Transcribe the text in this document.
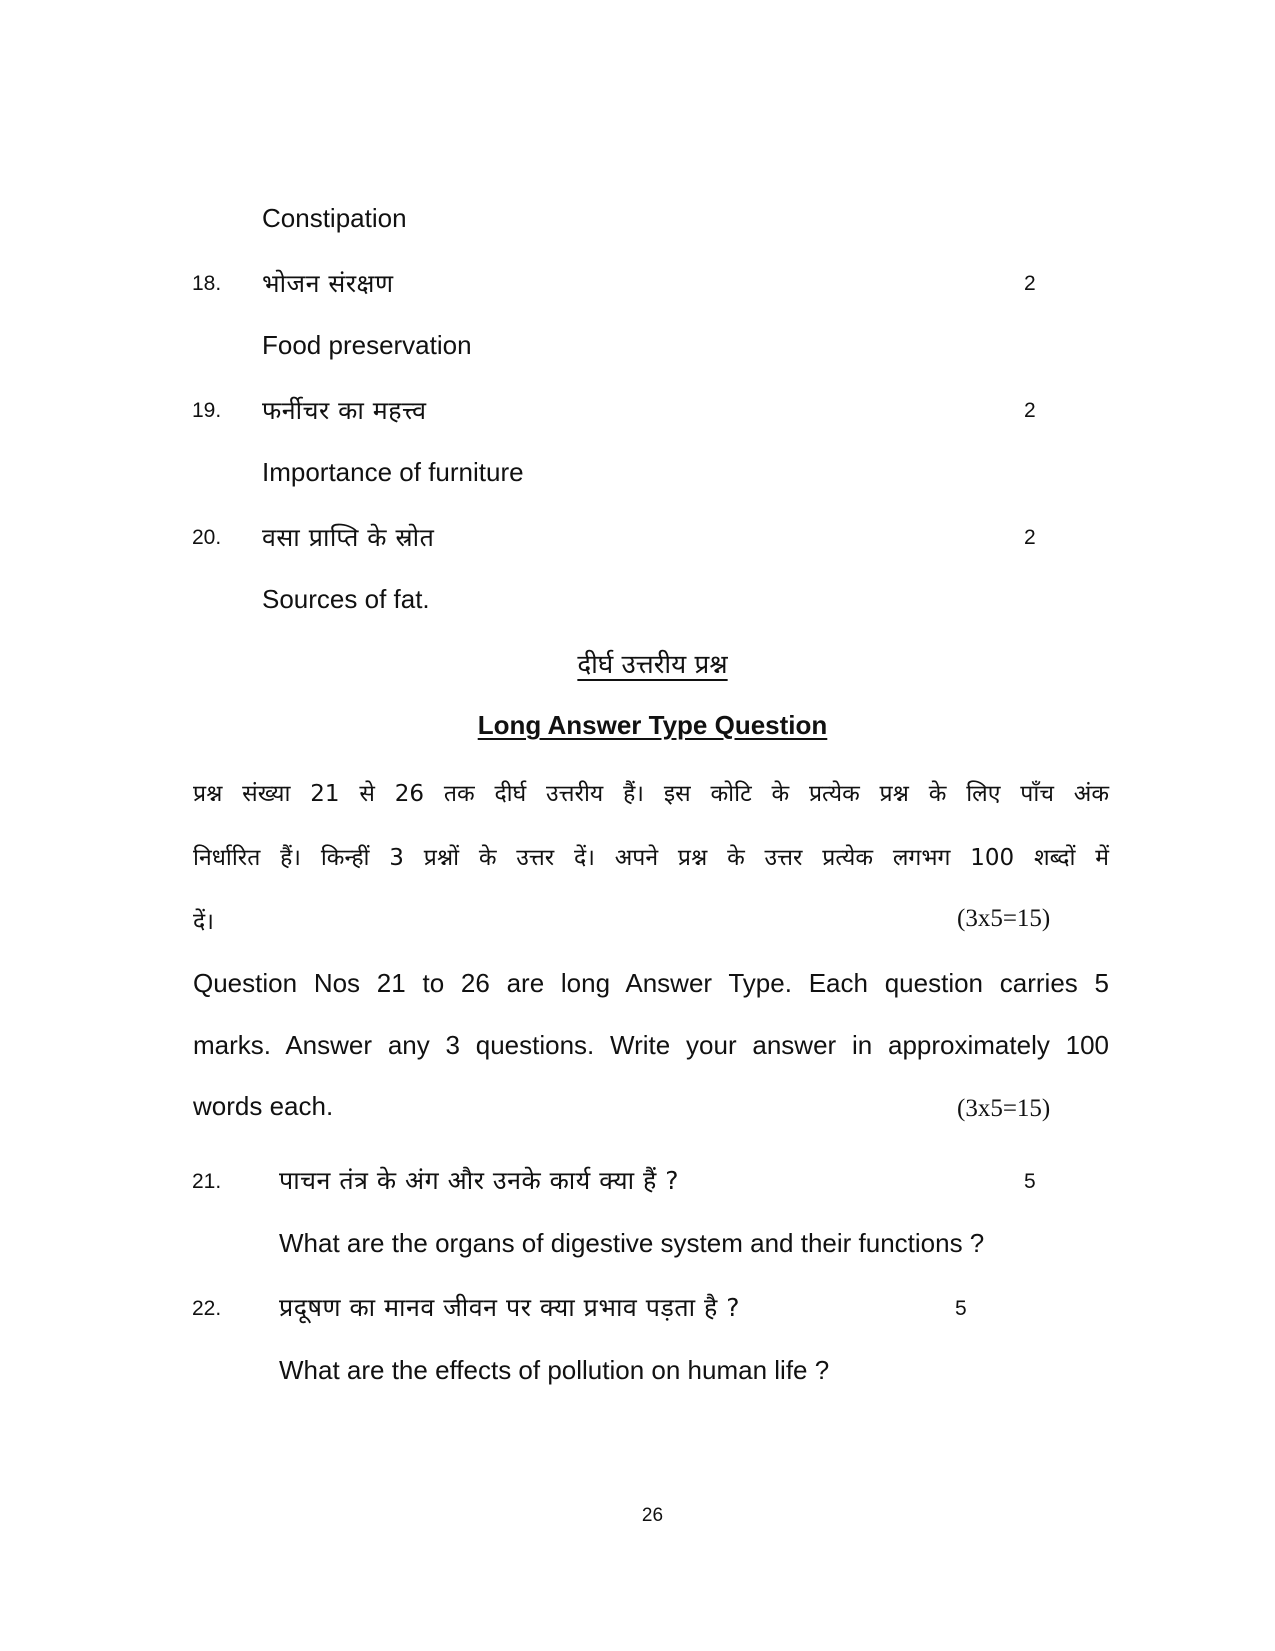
Constipation
18. भोजन संरक्षण	2
Food preservation
19. फर्नीचर का महत्त्व	2
Importance of furniture
20. वसा प्राप्ति के स्रोत	2
Sources of fat.
दीर्घ उत्तरीय प्रश्न
Long Answer Type Question
प्रश्न संख्या 21 से 26 तक दीर्घ उत्तरीय हैं। इस कोटि के प्रत्येक प्रश्न के लिए पाँच अंक
निर्धारित हैं। किन्हीं 3 प्रश्नों के उत्तर दें। अपने प्रश्न के उत्तर प्रत्येक लगभग 100 शब्दों में
दें।	(3x5=15)
Question Nos 21 to 26 are long Answer Type. Each question carries 5
marks. Answer any 3 questions. Write your answer in approximately 100
words each.	(3x5=15)
21. पाचन तंत्र के अंग और उनके कार्य क्या हैं ?	5
What are the organs of digestive system and their functions ?
22. प्रदूषण का मानव जीवन पर क्या प्रभाव पड़ता है ?	5
What are the effects of pollution on human life ?
26
